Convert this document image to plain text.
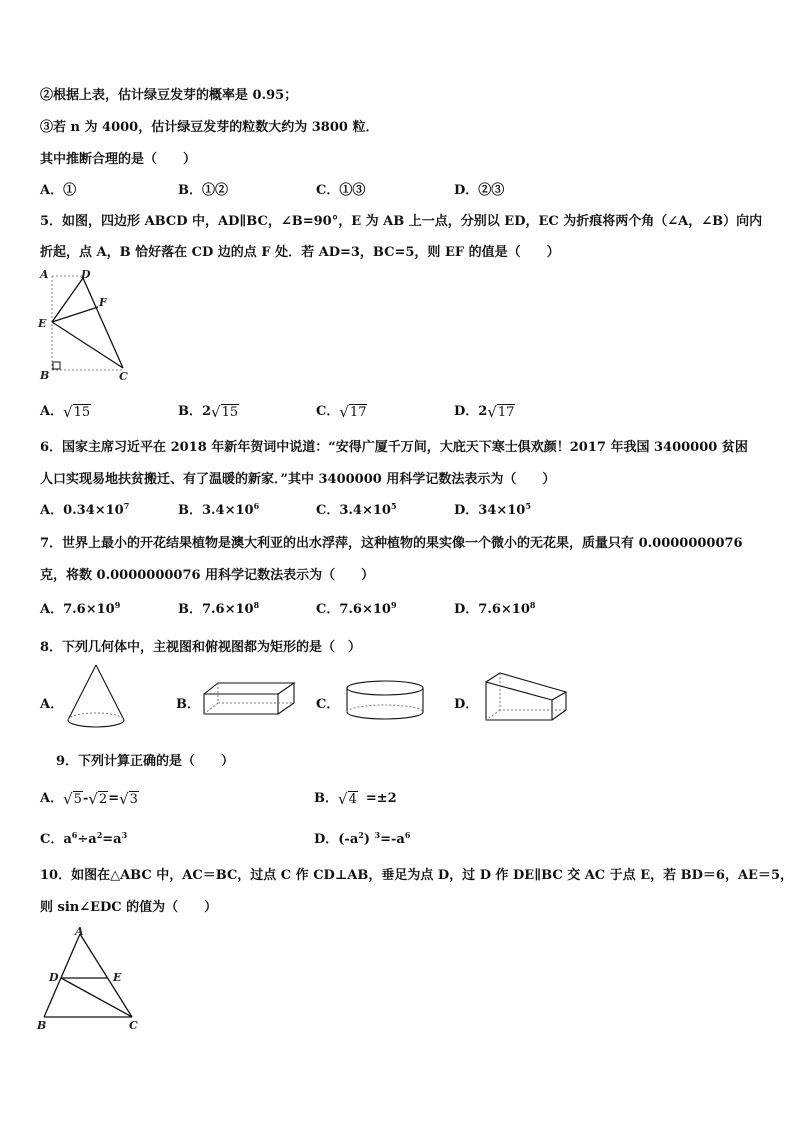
②根据上表，估计绿豆发芽的概率是 0.95；
③若 n 为 4000，估计绿豆发芽的粒数大约为 3800 粒．
其中推断合理的是（　　）
A．①	B．①②	C．①③	D．②③
5．如图，四边形 ABCD 中，AD∥BC，∠B=90°，E 为 AB 上一点，分别以 ED，EC 为折痕将两个角（∠A，∠B）向内
折起，点 A，B 恰好落在 CD 边的点 F 处．若 AD=3，BC=5，则 EF 的值是（　　）
A	D
F
E
B	C
A．√15	B．2√15	C．√17	D．2√17
6．国家主席习近平在 2018 年新年贺词中说道：“安得广厦千万间，大庇天下寒士俱欢颜！2017 年我国 3400000 贫困
人口实现易地扶贫搬迁、有了温暖的新家．”其中 3400000 用科学记数法表示为（　　）
A．$0.34\times 10^7$	B．$3.4\times 10^6$	C．$3.4\times 10^5$	D．$34\times 10^5$
7．世界上最小的开花结果植物是澳大利亚的出水浮萍，这种植物的果实像一个微小的无花果，质量只有 0.0000000076
克，将数 0.0000000076 用科学记数法表示为（　　）
A．$7.6\times 10^9$	B．$7.6\times 10^8$	C．$7.6\times 10^9$	D．$7.6\times 10^8$
8．下列几何体中，主视图和俯视图都为矩形的是（　）
A．	B．	C．	D．
9．下列计算正确的是（　　）
A．√5-√2=√3	B．√4 =±2
C．$a^6\div a^2=a^3$	D．$(-a^2)$ $^3=-a^6$
10．如图在△ABC 中，AC＝BC，过点 C 作 CD⊥AB，垂足为点 D，过 D 作 DE∥BC 交 AC 于点 E，若 BD＝6，AE＝5，
则 sin∠EDC 的值为（　　）
A
D	E
B	C
